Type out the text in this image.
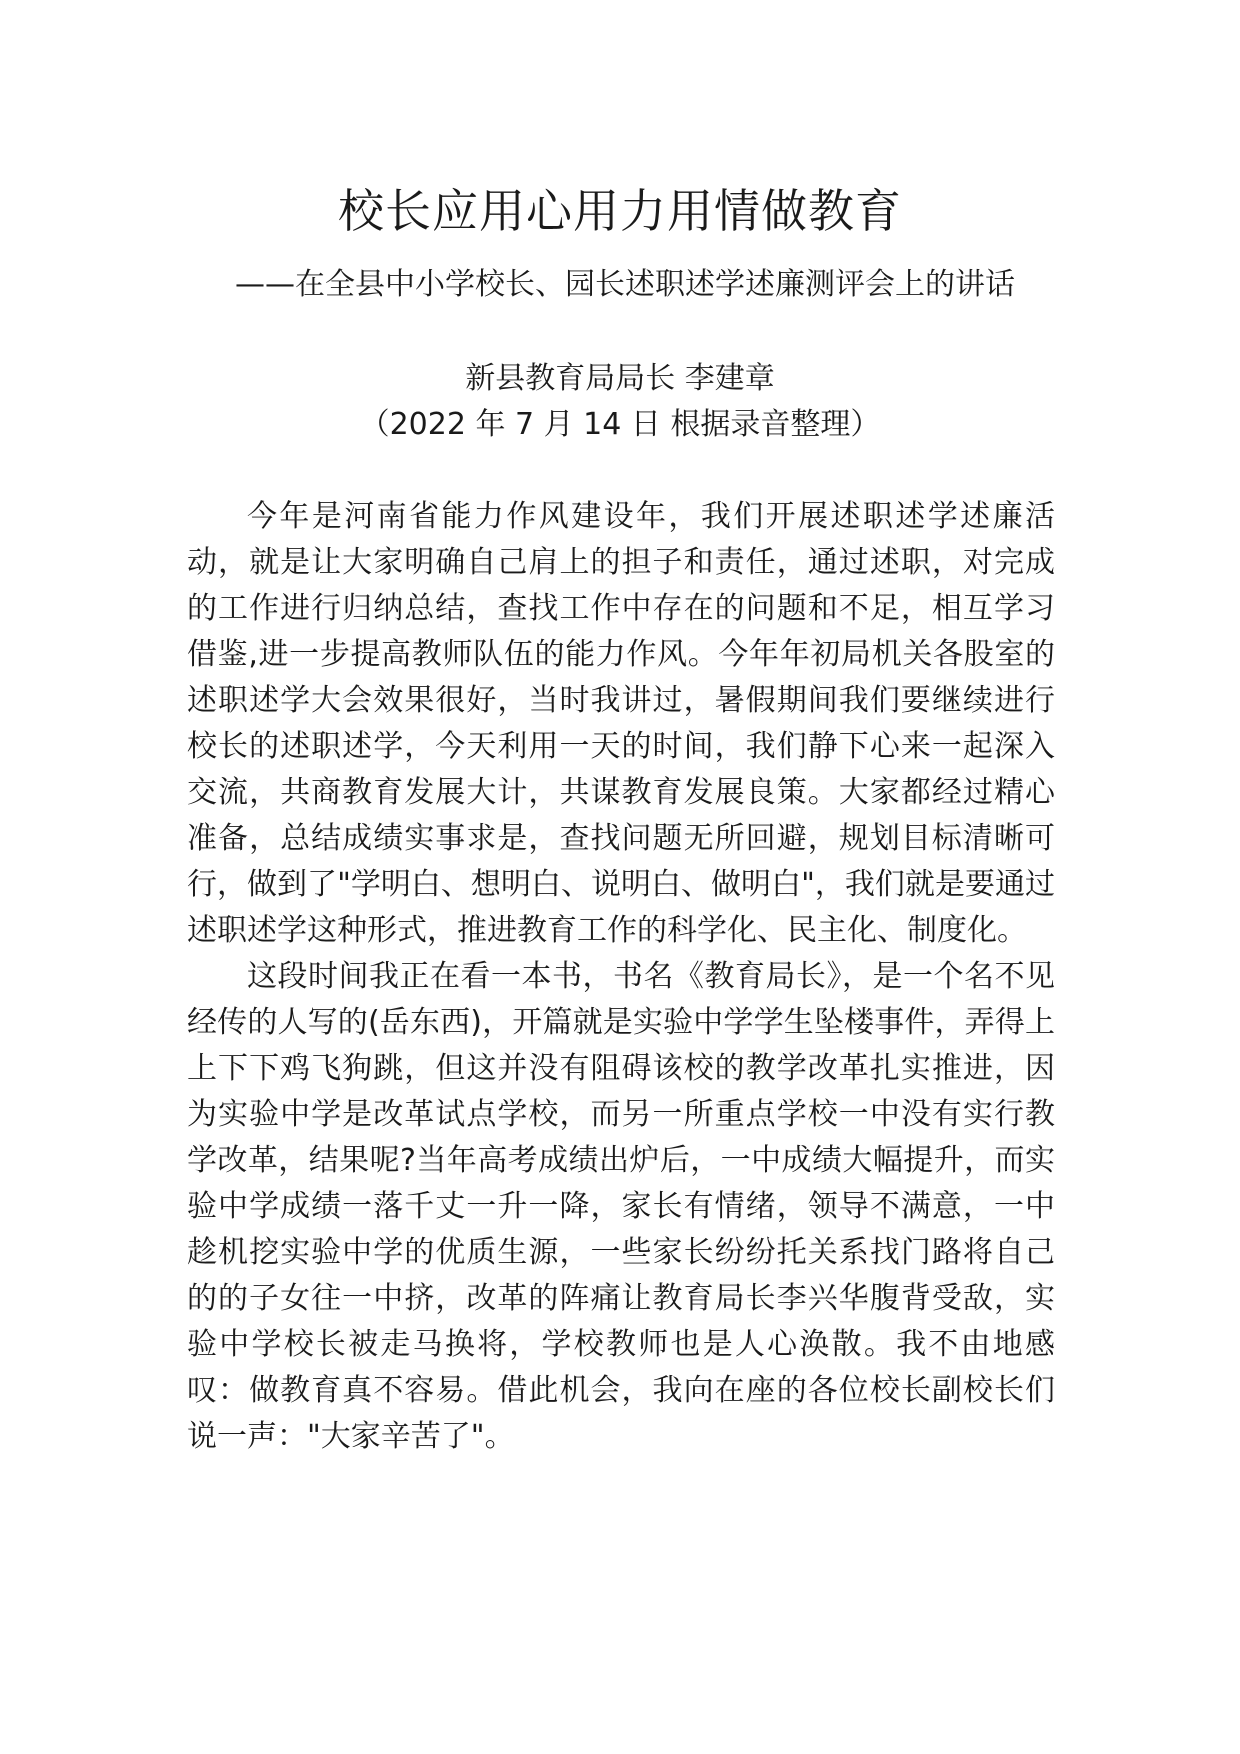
校长应用心用力用情做教育

——在全县中小学校长、园长述职述学述廉测评会上的讲话

新县教育局局长 李建章

（2022 年 7 月 14 日 根据录音整理）

今年是河南省能力作风建设年，我们开展述职述学述廉活动，就是让大家明确自己肩上的担子和责任，通过述职，对完成的工作进行归纳总结，查找工作中存在的问题和不足，相互学习借鉴,进一步提高教师队伍的能力作风。今年年初局机关各股室的述职述学大会效果很好，当时我讲过，暑假期间我们要继续进行校长的述职述学，今天利用一天的时间，我们静下心来一起深入交流，共商教育发展大计，共谋教育发展良策。大家都经过精心准备，总结成绩实事求是，查找问题无所回避，规划目标清晰可行，做到了"学明白、想明白、说明白、做明白"，我们就是要通过述职述学这种形式，推进教育工作的科学化、民主化、制度化。

这段时间我正在看一本书，书名《教育局长》，是一个名不见经传的人写的(岳东西)，开篇就是实验中学学生坠楼事件，弄得上上下下鸡飞狗跳，但这并没有阻碍该校的教学改革扎实推进，因为实验中学是改革试点学校，而另一所重点学校一中没有实行教学改革，结果呢?当年高考成绩出炉后，一中成绩大幅提升，而实验中学成绩一落千丈一升一降，家长有情绪，领导不满意，一中趁机挖实验中学的优质生源，一些家长纷纷托关系找门路将自己的的子女往一中挤，改革的阵痛让教育局长李兴华腹背受敌，实验中学校长被走马换将，学校教师也是人心涣散。我不由地感叹：做教育真不容易。借此机会，我向在座的各位校长副校长们说一声："大家辛苦了"。
